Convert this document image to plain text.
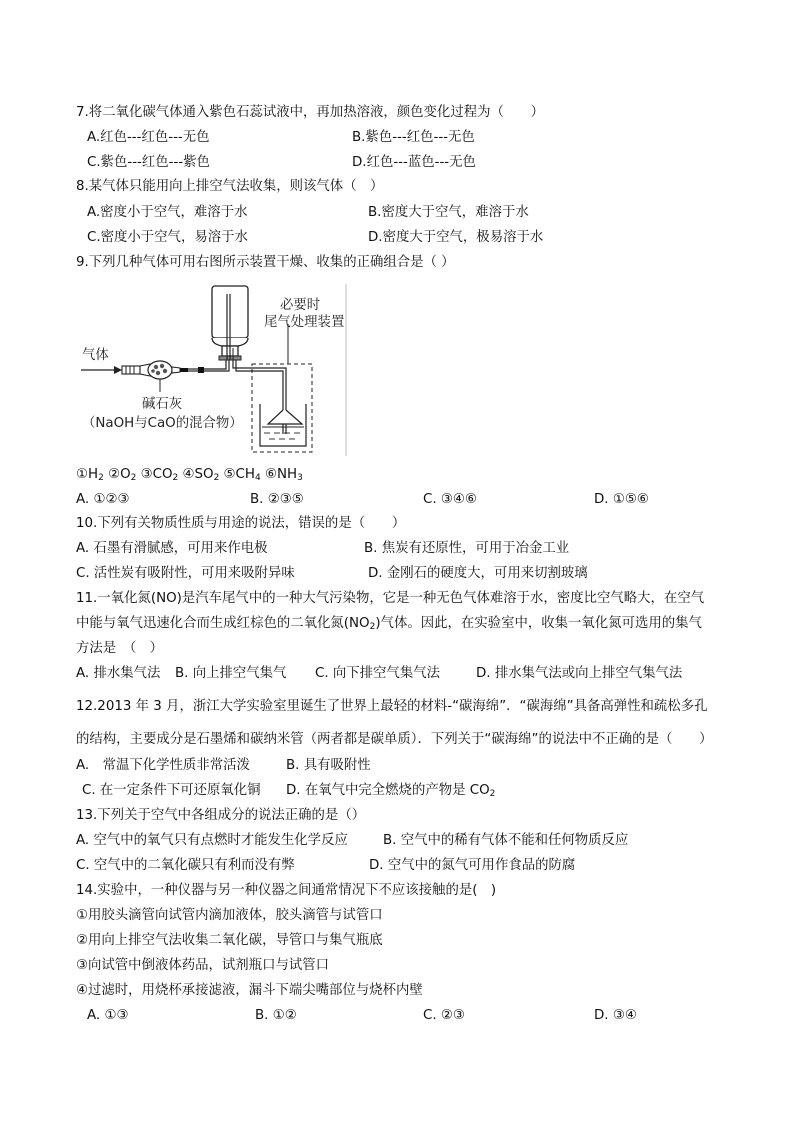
7.将二氧化碳气体通入紫色石蕊试液中，再加热溶液，颜色变化过程为（　　）
A.红色---红色---无色	B.紫色---红色---无色
C.紫色---红色---紫色	D.红色---蓝色---无色
8.某气体只能用向上排空气法收集，则该气体（　）
A.密度小于空气，难溶于水	B.密度大于空气，难溶于水
C.密度小于空气，易溶于水	D.密度大于空气，极易溶于水
9.下列几种气体可用右图所示装置干燥、收集的正确组合是（ ）
气体
必要时
尾气处理装置
碱石灰
（NaOH与CaO的混合物）
$①H_2$ $②O_2$ $③CO_2$ $④SO_2$ $⑤CH_4$ $⑥NH_3$
A. ①②③	B. ②③⑤	C. ③④⑥	D. ①⑤⑥
10.下列有关物质性质与用途的说法，错误的是（　　）
A. 石墨有滑腻感，可用来作电极	B. 焦炭有还原性，可用于冶金工业
C. 活性炭有吸附性，可用来吸附异味	D. 金刚石的硬度大，可用来切割玻璃
11.一氧化氮(NO)是汽车尾气中的一种大气污染物，它是一种无色气体难溶于水，密度比空气略大，在空气
中能与氧气迅速化合而生成红棕色的二氧化氮$(NO_2)$气体。因此，在实验室中，收集一氧化氮可选用的集气
方法是　（　）
A. 排水集气法 B. 向上排空气集气 C. 向下排空气集气法	D. 排水集气法或向上排空气集气法
12.2013 年 3 月，浙江大学实验室里诞生了世界上最轻的材料-“碳海绵”．“碳海绵”具备高弹性和疏松多孔
的结构，主要成分是石墨烯和碳纳米管（两者都是碳单质）．下列关于“碳海绵”的说法中不正确的是（　　）
A.　常温下化学性质非常活泼	B. 具有吸附性
C. 在一定条件下可还原氧化铜 D. 在氧气中完全燃烧的产物是 $CO_2$
13.下列关于空气中各组成分的说法正确的是（）
A. 空气中的氧气只有点燃时才能发生化学反应	B. 空气中的稀有气体不能和任何物质反应
C. 空气中的二氧化碳只有利而没有弊	D. 空气中的氮气可用作食品的防腐
14.实验中，一种仪器与另一种仪器之间通常情况下不应该接触的是(　)
①用胶头滴管向试管内滴加液体，胶头滴管与试管口
②用向上排空气法收集二氧化碳，导管口与集气瓶底
③向试管中倒液体药品，试剂瓶口与试管口
④过滤时，用烧杯承接滤液，漏斗下端尖嘴部位与烧杯内壁
A. ①③	B. ①②	C. ②③	D. ③④
